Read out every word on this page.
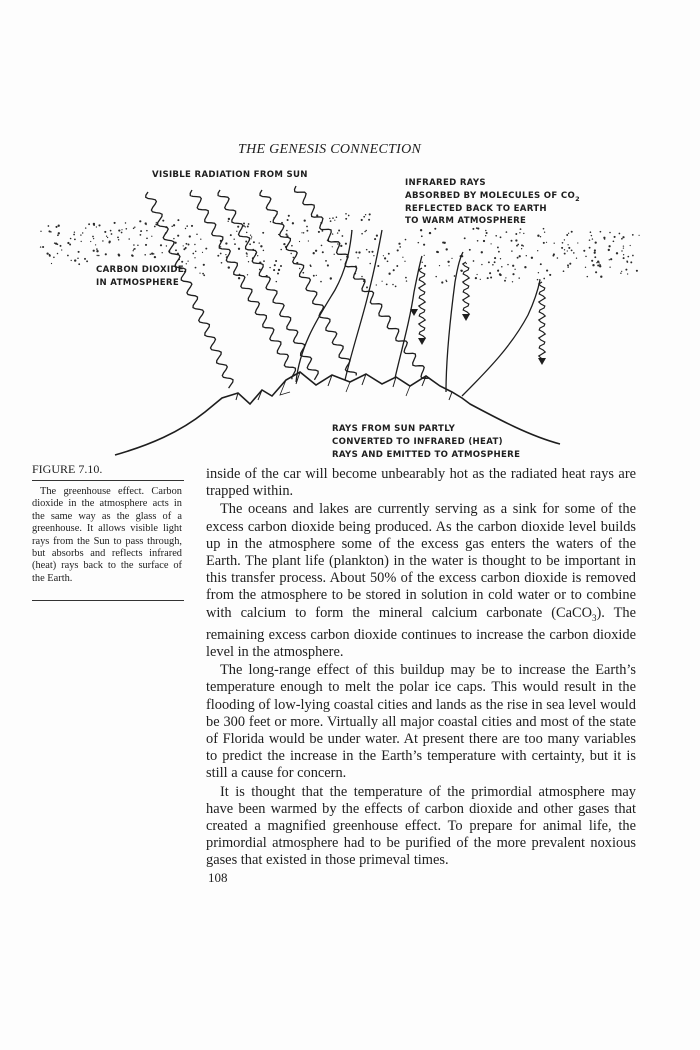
THE GENESIS CONNECTION
VISIBLE RADIATION FROM SUN
INFRARED RAYS
ABSORBED BY MOLECULES OF $CO_2$
REFLECTED BACK TO EARTH
TO WARM ATMOSPHERE
CARBON DIOXIDE
IN ATMOSPHERE
RAYS FROM SUN PARTLY
CONVERTED TO INFRARED (HEAT)
RAYS AND EMITTED TO ATMOSPHERE
FIGURE 7.10.
The greenhouse effect. Carbon dioxide in the atmosphere acts in the same way as the glass of a greenhouse. It allows visible light rays from the Sun to pass through, but absorbs and reflects infrared (heat) rays back to the surface of the Earth.

inside of the car will become unbearably hot as the radiated heat rays are trapped within.

The oceans and lakes are currently serving as a sink for some of the excess carbon dioxide being produced. As the carbon dioxide level builds up in the atmosphere some of the excess gas enters the waters of the Earth. The plant life (plankton) in the water is thought to be important in this transfer process. About 50% of the excess carbon dioxide is removed from the atmosphere to be stored in solution in cold water or to combine with calcium to form the mineral calcium carbonate (CaCO$_3$). The remaining excess carbon dioxide continues to increase the carbon dioxide level in the atmosphere.

The long-range effect of this buildup may be to increase the Earth’s temperature enough to melt the polar ice caps. This would result in the flooding of low-lying coastal cities and lands as the rise in sea level would be 300 feet or more. Virtually all major coastal cities and most of the state of Florida would be under water. At present there are too many variables to predict the increase in the Earth’s temperature with certainty, but it is still a cause for concern.

It is thought that the temperature of the primordial atmosphere may have been warmed by the effects of carbon dioxide and other gases that created a magnified greenhouse effect. To prepare for animal life, the primordial atmosphere had to be purified of the more prevalent noxious gases that existed in those primeval times.

108
